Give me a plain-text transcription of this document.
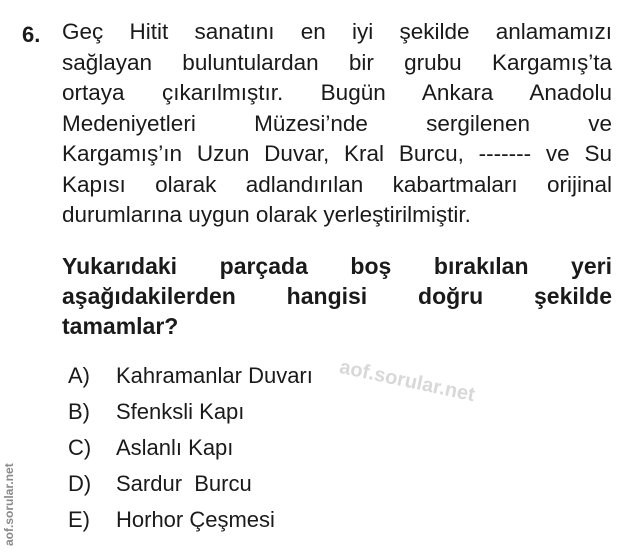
6. Geç Hitit sanatını en iyi şekilde anlamamızı
sağlayan buluntulardan bir grubu Kargamış’ta
ortaya çıkarılmıştır. Bugün Ankara Anadolu
Medeniyetleri Müzesi’nde sergilenen ve
Kargamış’ın Uzun Duvar, Kral Burcu, ------- ve Su
Kapısı olarak adlandırılan kabartmaları orijinal
durumlarına uygun olarak yerleştirilmiştir.
Yukarıdaki parçada boş bırakılan yeri
aşağıdakilerden hangisi doğru şekilde
tamamlar?
aof.sorular.net
A)	Kahramanlar Duvarı
B)	Sfenksli Kapı
C)	Aslanlı Kapı
D)	Sardur  Burcu
E)	Horhor Çeşmesi
aof.sorular.net
